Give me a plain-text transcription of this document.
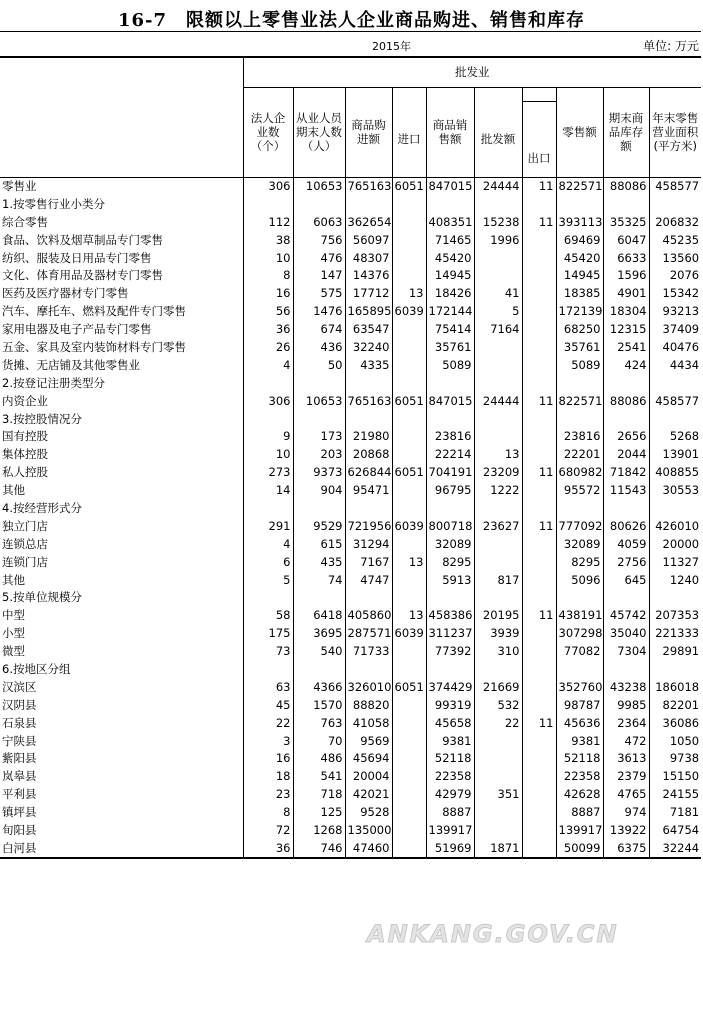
16-7　限额以上零售业法人企业商品购进、销售和库存
2015年	单位: 万元
	批发业									

	法人企业数（个）	从业人员期末人数（人）	商品购进额		商品销售额			零售额	期末商品库存额	年末零售营业面积(平方米)

				进口		批发额	出口			
零售业	306	10653	765163	6051	847015	24444	11	822571	88086	458577
1.按零售行业小类分										
综合零售	112	6063	362654		408351	15238	11	393113	35325	206832
食品、饮料及烟草制品专门零售	38	756	56097		71465	1996		69469	6047	45235
纺织、服装及日用品专门零售	10	476	48307		45420			45420	6633	13560
文化、体育用品及器材专门零售	8	147	14376		14945			14945	1596	2076
医药及医疗器材专门零售	16	575	17712	13	18426	41		18385	4901	15342
汽车、摩托车、燃料及配件专门零售	56	1476	165895	6039	172144	5		172139	18304	93213
家用电器及电子产品专门零售	36	674	63547		75414	7164		68250	12315	37409
五金、家具及室内装饰材料专门零售	26	436	32240		35761			35761	2541	40476
货摊、无店铺及其他零售业	4	50	4335		5089			5089	424	4434
2.按登记注册类型分										
内资企业	306	10653	765163	6051	847015	24444	11	822571	88086	458577
3.按控股情况分										
国有控股	9	173	21980		23816			23816	2656	5268
集体控股	10	203	20868		22214	13		22201	2044	13901
私人控股	273	9373	626844	6051	704191	23209	11	680982	71842	408855
其他	14	904	95471		96795	1222		95572	11543	30553
4.按经营形式分										
独立门店	291	9529	721956	6039	800718	23627	11	777092	80626	426010
连锁总店	4	615	31294		32089			32089	4059	20000
连锁门店	6	435	7167	13	8295			8295	2756	11327
其他	5	74	4747		5913	817		5096	645	1240
5.按单位规模分										
中型	58	6418	405860	13	458386	20195	11	438191	45742	207353
小型	175	3695	287571	6039	311237	3939		307298	35040	221333
微型	73	540	71733		77392	310		77082	7304	29891
6.按地区分组										
汉滨区	63	4366	326010	6051	374429	21669		352760	43238	186018
汉阴县	45	1570	88820		99319	532		98787	9985	82201
石泉县	22	763	41058		45658	22	11	45636	2364	36086
宁陕县	3	70	9569		9381			9381	472	1050
紫阳县	16	486	45694		52118			52118	3613	9738
岚皋县	18	541	20004		22358			22358	2379	15150
平利县	23	718	42021		42979	351		42628	4765	24155
镇坪县	8	125	9528		8887			8887	974	7181
旬阳县	72	1268	135000		139917			139917	13922	64754
白河县	36	746	47460		51969	1871		50099	6375	32244
ANKANG.GOV.CN
